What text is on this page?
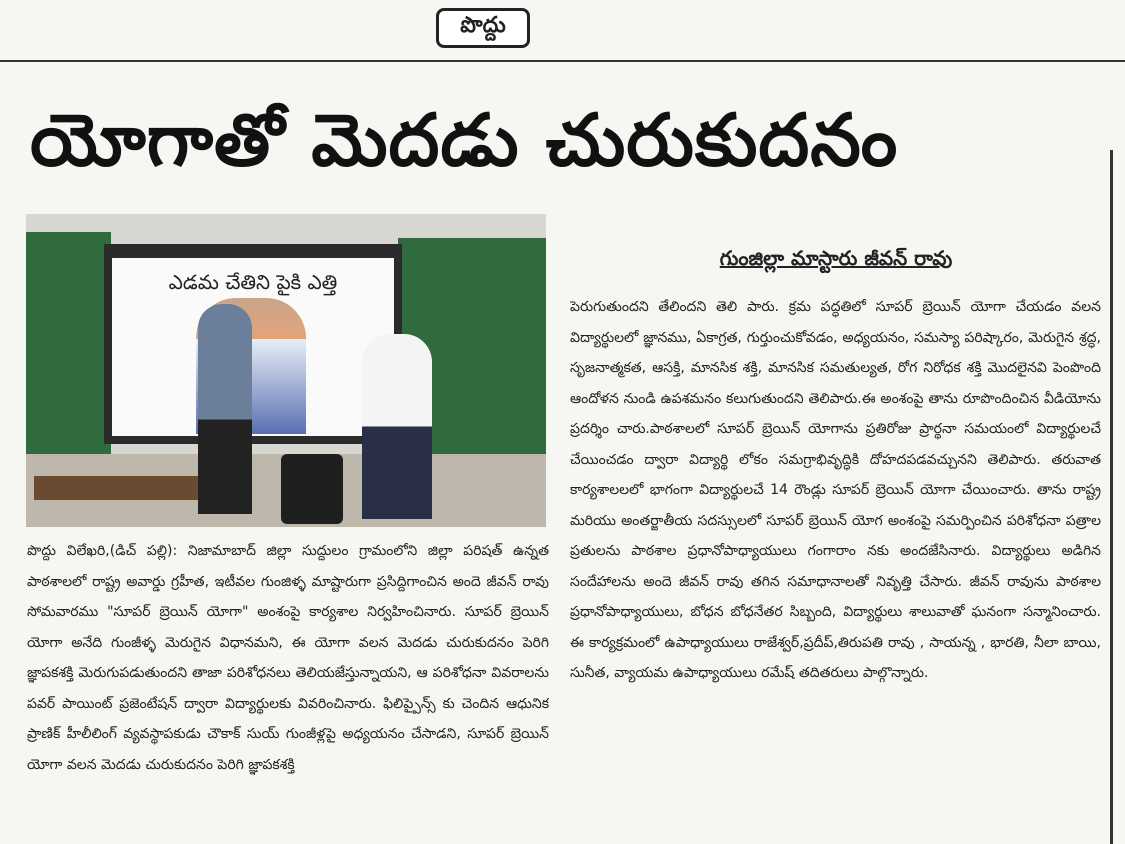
పొద్దు
యోగాతో మెదడు చురుకుదనం
ఎడమ చేతిని పైకి ఎత్తి
గుంజిల్లా మాస్టారు జీవన్ రావు
పొద్దు విలేఖరి,(డిచ్ పల్లి): నిజామాబాద్ జిల్లా సుద్దులం గ్రామంలోని జిల్లా పరిషత్ ఉన్నత పాఠశాలలో రాష్ట్ర అవార్డు గ్రహీత, ఇటీవల గుంజిళ్ళ మాష్టారుగా ప్రసిద్దిగాంచిన అందె జీవన్ రావు సోమవారము "సూపర్ బ్రెయిన్ యోగా" అంశంపై కార్యశాల నిర్వహించినారు. సూపర్ బ్రెయిన్ యోగా అనేది గుంజీళ్ళ మెరుగైన విధానమని, ఈ యోగా వలన మెదడు చురుకుదనం పెరిగి జ్ఞాపకశక్తి మెరుగుపడుతుందని తాజా పరిశోధనలు తెలియజేస్తున్నాయని, ఆ పరిశోధనా వివరాలను పవర్ పాయింట్ ప్రజెంటేషన్ ద్వారా విద్యార్థులకు వివరించినారు. ఫిలిప్పైన్స్ కు చెందిన ఆధునిక ప్రాణిక్ హీలీలింగ్ వ్యవస్థాపకుడు చౌకాక్ సుయ్ గుంజీళ్లపై అధ్యయనం చేసాడని, సూపర్ బ్రెయిన్ యోగా వలన మెదడు చురుకుదనం పెరిగి జ్ఞాపకశక్తి
పెరుగుతుందని తేలిందని తెలి పారు. క్రమ పద్ధతిలో సూపర్ బ్రెయిన్ యోగా చేయడం వలన విద్యార్థులలో జ్ఞానము, ఏకాగ్రత, గుర్తుంచుకోవడం, అధ్యయనం, సమస్యా పరిష్కారం, మెరుగైన శ్రద్ధ, సృజనాత్మకత, ఆసక్తి, మానసిక శక్తి, మానసిక సమతుల్యత, రోగ నిరోధక శక్తి మొదలైనవి పెంపొంది ఆందోళన నుండి ఉపశమనం కలుగుతుందని తెలిపారు.ఈ అంశంపై తాను రూపొందించిన వీడియోను ప్రదర్శిం చారు.పాఠశాలలో సూపర్ బ్రెయిన్ యోగాను ప్రతిరోజు ప్రార్థనా సమయంలో విద్యార్థులచే చేయించడం ద్వారా విద్యార్థి లోకం సమగ్రాభివృద్ధికి దోహదపడవచ్చునని తెలిపారు. తరువాత కార్యశాలలలో భాగంగా విద్యార్థులచే 14 రౌండ్లు సూపర్ బ్రెయిన్ యోగా చేయించారు. తాను రాష్ట్ర మరియు అంతర్జాతీయ సదస్సులలో సూపర్ బ్రెయిన్ యోగ అంశంపై సమర్పించిన పరిశోధనా పత్రాల ప్రతులను పాఠశాల ప్రధానోపాధ్యాయులు గంగారాం నకు అందజేసినారు. విద్యార్థులు అడిగిన సందేహాలను అందె జీవన్ రావు తగిన సమాధానాలతో నివృత్తి చేసారు. జీవన్ రావును పాఠశాల ప్రధానోపాధ్యాయులు, బోధన బోధనేతర సిబ్బంది, విద్యార్థులు శాలువాతో ఘనంగా సన్మానించారు. ఈ కార్యక్రమంలో ఉపాధ్యాయులు రాజేశ్వర్,ప్రదీప్,తిరుపతి రావు , సాయన్న , భారతి, నీలా బాయి, సునీత, వ్యాయమ ఉపాధ్యాయులు రమేష్ తదితరులు పాల్గొన్నారు.
